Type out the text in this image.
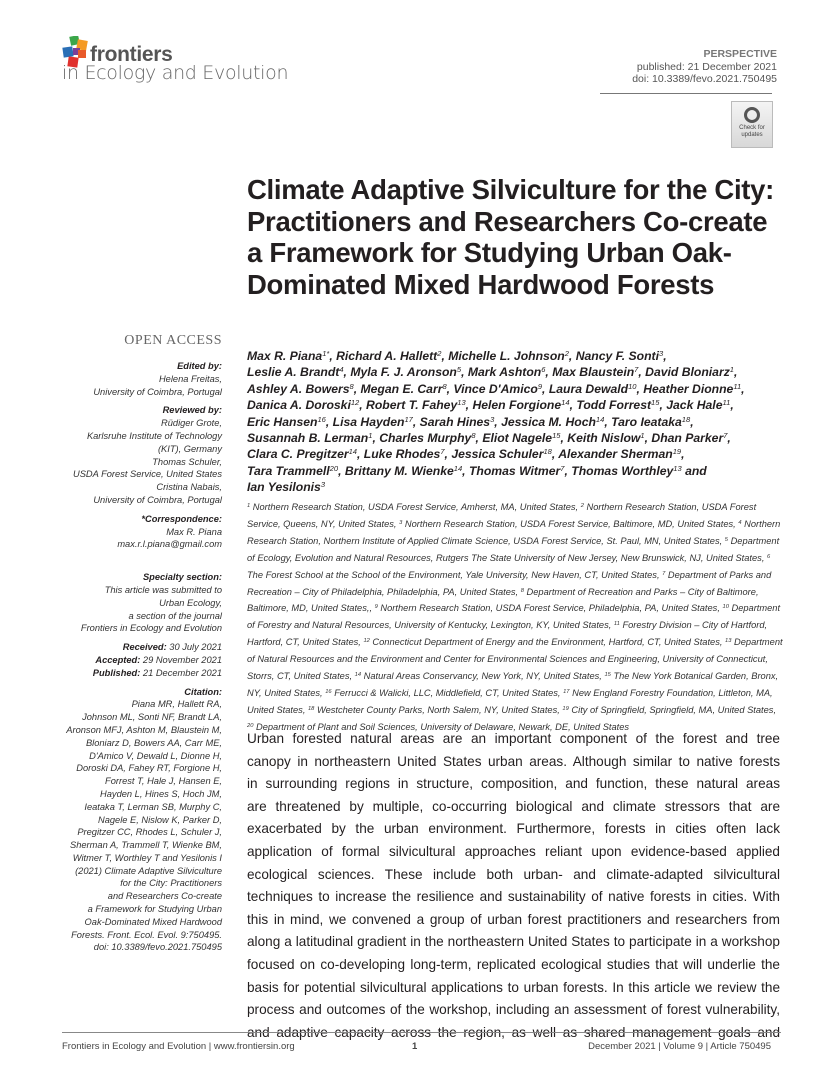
frontiers
in Ecology and Evolution
PERSPECTIVE
published: 21 December 2021
doi: 10.3389/fevo.2021.750495
Check for
updates
Climate Adaptive Silviculture for the City: Practitioners and Researchers Co-create a Framework for Studying Urban Oak-Dominated Mixed Hardwood Forests
Max R. Piana$^{1*}$, Richard A. Hallett$^2$, Michelle L. Johnson$^2$, Nancy F. Sonti$^3$,
Leslie A. Brandt$^4$, Myla F. J. Aronson$^5$, Mark Ashton$^6$, Max Blaustein$^7$, David Bloniarz$^1$,
Ashley A. Bowers$^8$, Megan E. Carr$^8$, Vince D'Amico$^9$, Laura Dewald$^{10}$, Heather Dionne$^{11}$,
Danica A. Doroski$^{12}$, Robert T. Fahey$^{13}$, Helen Forgione$^{14}$, Todd Forrest$^{15}$, Jack Hale$^{11}$,
Eric Hansen$^{16}$, Lisa Hayden$^{17}$, Sarah Hines$^3$, Jessica M. Hoch$^{14}$, Taro Ieataka$^{18}$,
Susannah B. Lerman$^1$, Charles Murphy$^8$, Eliot Nagele$^{15}$, Keith Nislow$^1$, Dhan Parker$^7$,
Clara C. Pregitzer$^{14}$, Luke Rhodes$^7$, Jessica Schuler$^{18}$, Alexander Sherman$^{19}$,
Tara Trammell$^{20}$, Brittany M. Wienke$^{14}$, Thomas Witmer$^7$, Thomas Worthley$^{13}$ and
Ian Yesilonis$^3$
$^1$ Northern Research Station, USDA Forest Service, Amherst, MA, United States, $^2$ Northern Research Station, USDA Forest Service, Queens, NY, United States, $^3$ Northern Research Station, USDA Forest Service, Baltimore, MD, United States, $^4$ Northern Research Station, Northern Institute of Applied Climate Science, USDA Forest Service, St. Paul, MN, United States, $^5$ Department of Ecology, Evolution and Natural Resources, Rutgers The State University of New Jersey, New Brunswick, NJ, United States, $^6$ The Forest School at the School of the Environment, Yale University, New Haven, CT, United States, $^7$ Department of Parks and Recreation – City of Philadelphia, Philadelphia, PA, United States, $^8$ Department of Recreation and Parks – City of Baltimore, Baltimore, MD, United States,, $^9$ Northern Research Station, USDA Forest Service, Philadelphia, PA, United States, $^{10}$ Department of Forestry and Natural Resources, University of Kentucky, Lexington, KY, United States, $^{11}$ Forestry Division – City of Hartford, Hartford, CT, United States, $^{12}$ Connecticut Department of Energy and the Environment, Hartford, CT, United States, $^{13}$ Department of Natural Resources and the Environment and Center for Environmental Sciences and Engineering, University of Connecticut, Storrs, CT, United States, $^{14}$ Natural Areas Conservancy, New York, NY, United States, $^{15}$ The New York Botanical Garden, Bronx, NY, United States, $^{16}$ Ferrucci & Walicki, LLC, Middlefield, CT, United States, $^{17}$ New England Forestry Foundation, Littleton, MA, United States, $^{18}$ Westcheter County Parks, North Salem, NY, United States, $^{19}$ City of Springfield, Springfield, MA, United States, $^{20}$ Department of Plant and Soil Sciences, University of Delaware, Newark, DE, United States
Urban forested natural areas are an important component of the forest and tree
canopy in northeastern United States urban areas. Although similar to native forests
in surrounding regions in structure, composition, and function, these natural areas
are threatened by multiple, co-occurring biological and climate stressors that are
exacerbated by the urban environment. Furthermore, forests in cities often lack
application of formal silvicultural approaches reliant upon evidence-based applied
ecological sciences. These include both urban- and climate-adapted silvicultural
techniques to increase the resilience and sustainability of native forests in cities. With
this in mind, we convened a group of urban forest practitioners and researchers from
along a latitudinal gradient in the northeastern United States to participate in a workshop
focused on co-developing long-term, replicated ecological studies that will underlie the
basis for potential silvicultural applications to urban forests. In this article we review the
process and outcomes of the workshop, including an assessment of forest vulnerability,
and adaptive capacity across the region, as well as shared management goals and
OPEN ACCESS
Edited by:
Helena Freitas,
University of Coimbra, Portugal
Reviewed by:
Rüdiger Grote,
Karlsruhe Institute of Technology
(KIT), Germany
Thomas Schuler,
USDA Forest Service, United States
Cristina Nabais,
University of Coimbra, Portugal
*Correspondence:
Max R. Piana
max.r.l.piana@gmail.com
Specialty section:
This article was submitted to
Urban Ecology,
a section of the journal
Frontiers in Ecology and Evolution
Received: 30 July 2021
Accepted: 29 November 2021
Published: 21 December 2021
Citation:
Piana MR, Hallett RA,
Johnson ML, Sonti NF, Brandt LA,
Aronson MFJ, Ashton M, Blaustein M,
Bloniarz D, Bowers AA, Carr ME,
D'Amico V, Dewald L, Dionne H,
Doroski DA, Fahey RT, Forgione H,
Forrest T, Hale J, Hansen E,
Hayden L, Hines S, Hoch JM,
Ieataka T, Lerman SB, Murphy C,
Nagele E, Nislow K, Parker D,
Pregitzer CC, Rhodes L, Schuler J,
Sherman A, Trammell T, Wienke BM,
Witmer T, Worthley T and Yesilonis I
(2021) Climate Adaptive Silviculture
for the City: Practitioners
and Researchers Co-create
a Framework for Studying Urban
Oak-Dominated Mixed Hardwood
Forests. Front. Ecol. Evol. 9:750495.
doi: 10.3389/fevo.2021.750495
Frontiers in Ecology and Evolution | www.frontiersin.org	1	December 2021 | Volume 9 | Article 750495
